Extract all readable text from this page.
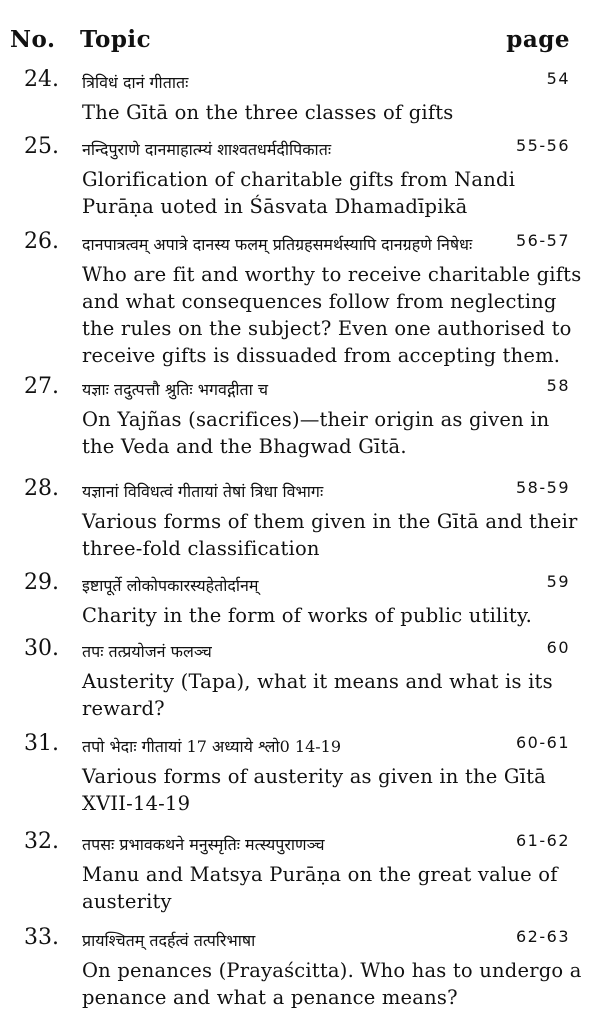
No. Topic	page
24. त्रिविधं दानं गीतातः	54
The Gītā on the three classes of gifts
25. नन्दिपुराणे दानमाहात्म्यं शाश्वतधर्मदीपिकातः	55-56
Glorification of charitable gifts from Nandi Purāṇa uoted in Śāsvata Dhamadīpikā
26. दानपात्रत्वम् अपात्रे दानस्य फलम् प्रतिग्रहसमर्थस्यापि दानग्रहणे निषेधः	56-57
Who are fit and worthy to receive charitable gifts and what consequences follow from neglecting the rules on the subject? Even one authorised to receive gifts is dissuaded from accepting them.
27. यज्ञाः तदुत्पत्तौ श्रुतिः भगवद्गीता च	58
On Yajñas (sacrifices)—their origin as given in the Veda and the Bhagwad Gītā.
28. यज्ञानां विविधत्वं गीतायां तेषां त्रिधा विभागः	58-59
Various forms of them given in the Gītā and their three-fold classification
29. इष्टापूर्ते लोकोपकारस्यहेतोर्दानम्	59
Charity in the form of works of public utility.
30. तपः तत्प्रयोजनं फलञ्च	60
Austerity (Tapa), what it means and what is its reward?
31. तपो भेदाः गीतायां 17 अध्याये श्लो0 14-19	60-61
Various forms of austerity as given in the Gītā XVII-14-19
32. तपसः प्रभावकथने मनुस्मृतिः मत्स्यपुराणञ्च	61-62
Manu and Matsya Purāṇa on the great value of austerity
33. प्रायश्चितम् तदर्हत्वं तत्परिभाषा	62-63
On penances (Prayaścitta). Who has to undergo a penance and what a penance means?
